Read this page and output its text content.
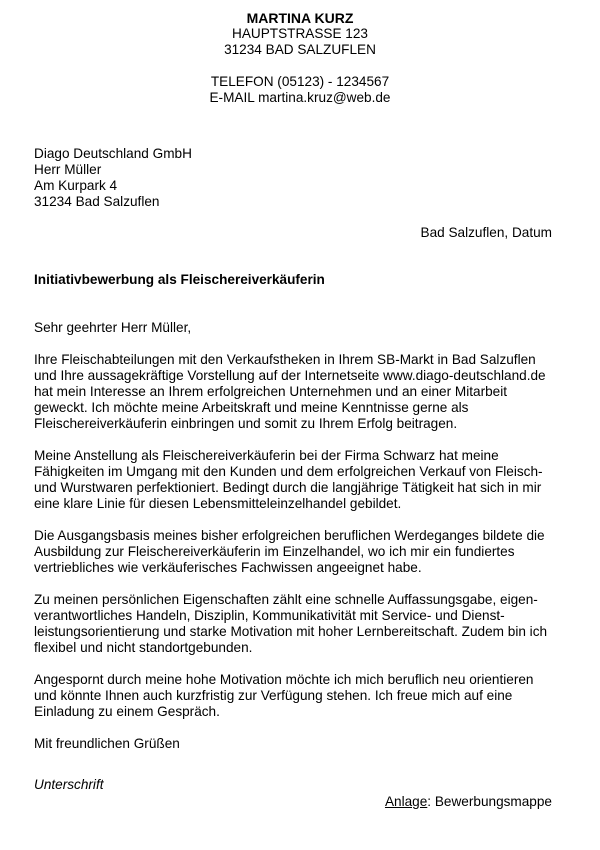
MARTINA KURZ
HAUPTSTRASSE 123
31234 BAD SALZUFLEN
TELEFON (05123) - 1234567
E-MAIL martina.kruz@web.de
Diago Deutschland GmbH
Herr Müller
Am Kurpark 4
31234 Bad Salzuflen
Bad Salzuflen, Datum
Initiativbewerbung als Fleischereiverkäuferin

Sehr geehrter Herr Müller,

Ihre Fleischabteilungen mit den Verkaufstheken in Ihrem SB-Markt in Bad Salzuflen
und Ihre aussagekräftige Vorstellung auf der Internetseite www.diago-deutschland.de
hat mein Interesse an Ihrem erfolgreichen Unternehmen und an einer Mitarbeit
geweckt. Ich möchte meine Arbeitskraft und meine Kenntnisse gerne als
Fleischereiverkäuferin einbringen und somit zu Ihrem Erfolg beitragen.

Meine Anstellung als Fleischereiverkäuferin bei der Firma Schwarz hat meine
Fähigkeiten im Umgang mit den Kunden und dem erfolgreichen Verkauf von Fleisch-
und Wurstwaren perfektioniert. Bedingt durch die langjährige Tätigkeit hat sich in mir
eine klare Linie für diesen Lebensmitteleinzelhandel gebildet.

Die Ausgangsbasis meines bisher erfolgreichen beruflichen Werdeganges bildete die
Ausbildung zur Fleischereiverkäuferin im Einzelhandel, wo ich mir ein fundiertes
vertriebliches wie verkäuferisches Fachwissen angeeignet habe.

Zu meinen persönlichen Eigenschaften zählt eine schnelle Auffassungsgabe, eigen-
verantwortliches Handeln, Disziplin, Kommunikativität mit Service- und Dienst-
leistungsorientierung und starke Motivation mit hoher Lernbereitschaft. Zudem bin ich
flexibel und nicht standortgebunden.

Angespornt durch meine hohe Motivation möchte ich mich beruflich neu orientieren
und könnte Ihnen auch kurzfristig zur Verfügung stehen. Ich freue mich auf eine
Einladung zu einem Gespräch.

Mit freundlichen Grüßen

Unterschrift
Anlage: Bewerbungsmappe
